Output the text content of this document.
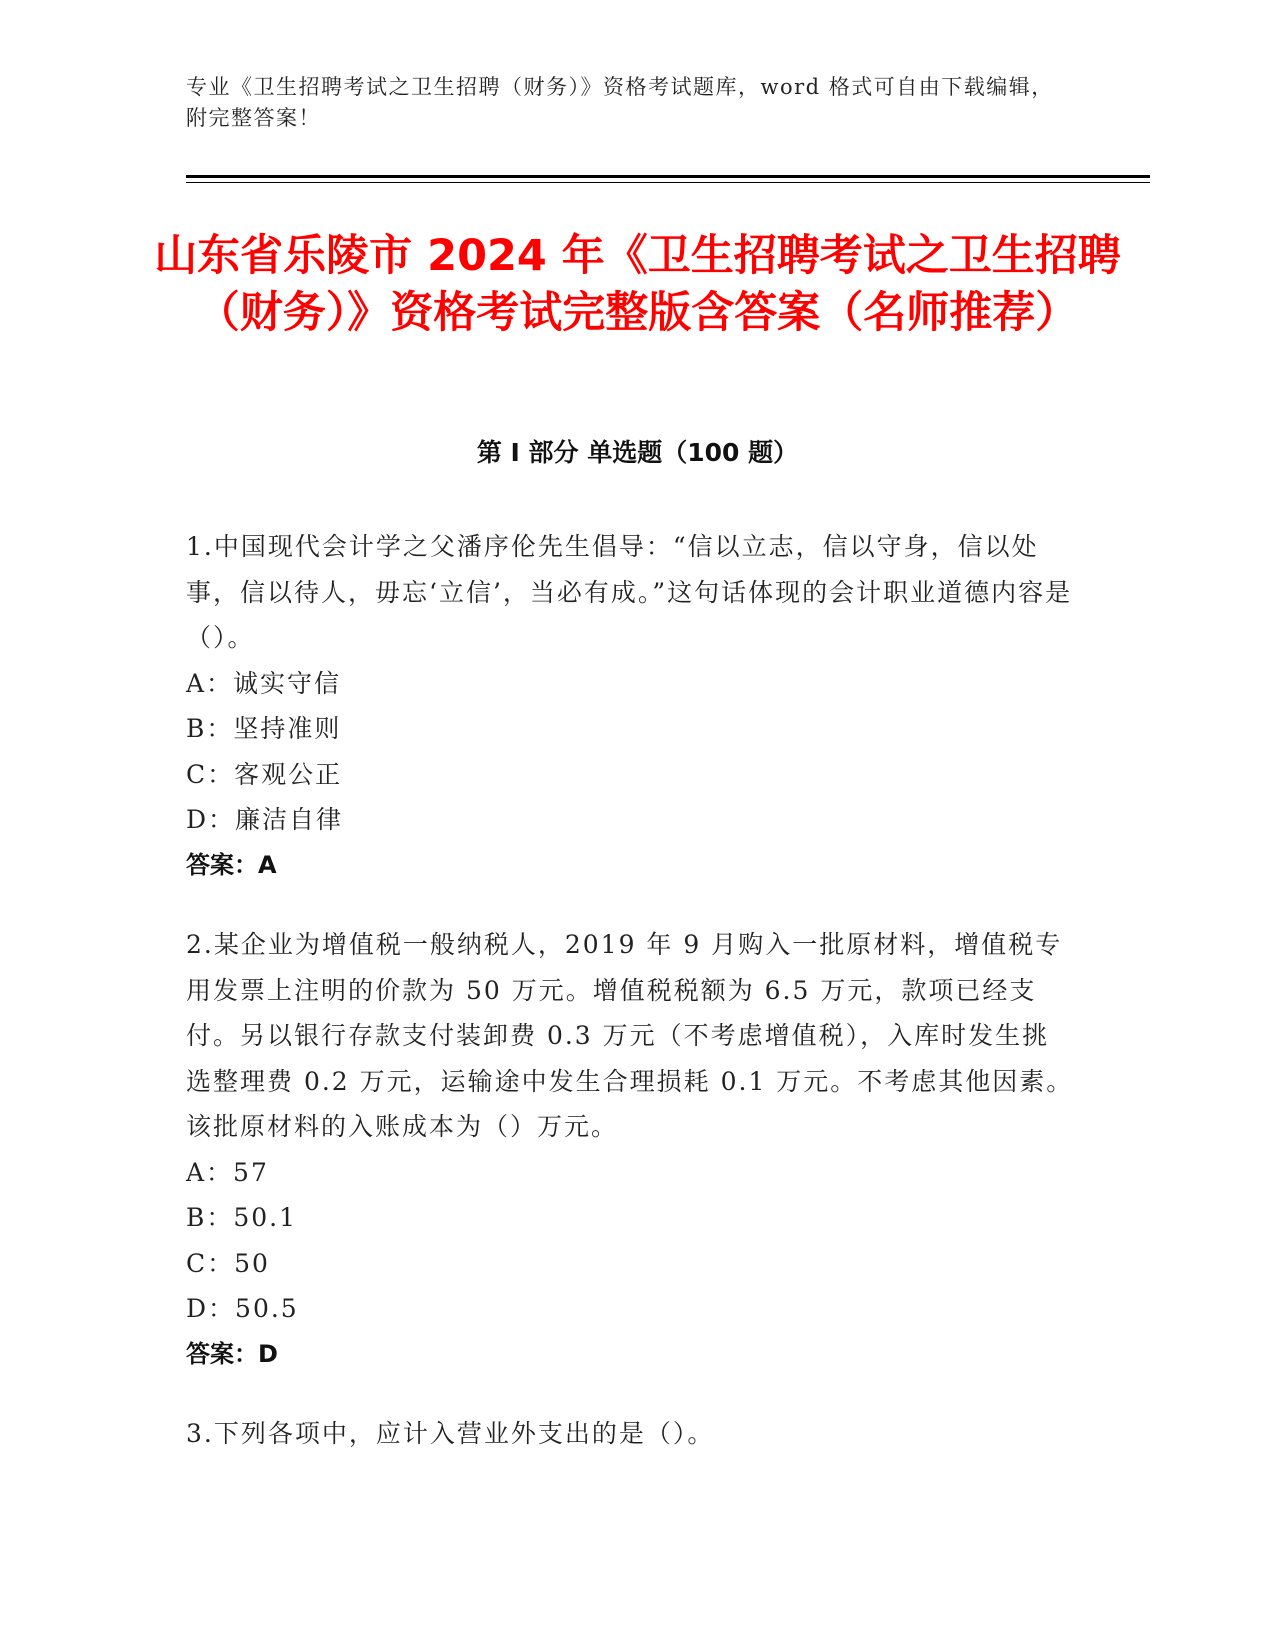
专业《卫生招聘考试之卫生招聘（财务）》资格考试题库，word 格式可自由下载编辑，附完整答案！
山东省乐陵市 2024 年《卫生招聘考试之卫生招聘（财务）》资格考试完整版含答案（名师推荐）
第 I 部分 单选题（100 题）

1.中国现代会计学之父潘序伦先生倡导：“信以立志，信以守身，信以处事，信以待人，毋忘‘立信’，当必有成。”这句话体现的会计职业道德内容是（）。

A：诚实守信

B：坚持准则

C：客观公正

D：廉洁自律

答案：A

2.某企业为增值税一般纳税人，2019 年 9 月购入一批原材料，增值税专用发票上注明的价款为 50 万元。增值税税额为 6.5 万元，款项已经支付。另以银行存款支付装卸费 0.3 万元（不考虑增值税），入库时发生挑选整理费 0.2 万元，运输途中发生合理损耗 0.1 万元。不考虑其他因素。该批原材料的入账成本为（）万元。

A：57

B：50.1

C：50

D：50.5

答案：D

3.下列各项中，应计入营业外支出的是（）。
